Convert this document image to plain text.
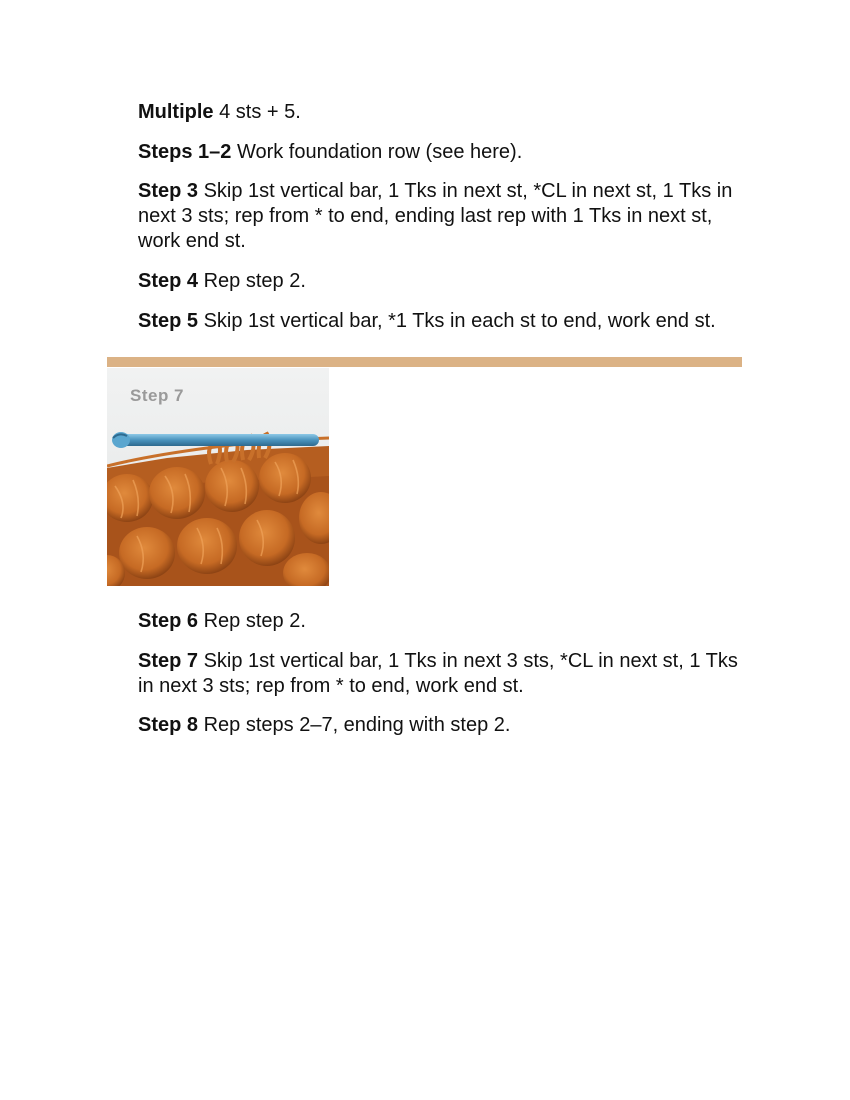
Multiple 4 sts + 5.

Steps 1–2 Work foundation row (see here).

Step 3 Skip 1st vertical bar, 1 Tks in next st, *CL in next st, 1 Tks in next 3 sts; rep from * to end, ending last rep with 1 Tks in next st, work end st.

Step 4 Rep step 2.

Step 5 Skip 1st vertical bar, *1 Tks in each st to end, work end st.

Step 7

Step 6 Rep step 2.

Step 7 Skip 1st vertical bar, 1 Tks in next 3 sts, *CL in next st, 1 Tks in next 3 sts; rep from * to end, work end st.

Step 8 Rep steps 2–7, ending with step 2.
